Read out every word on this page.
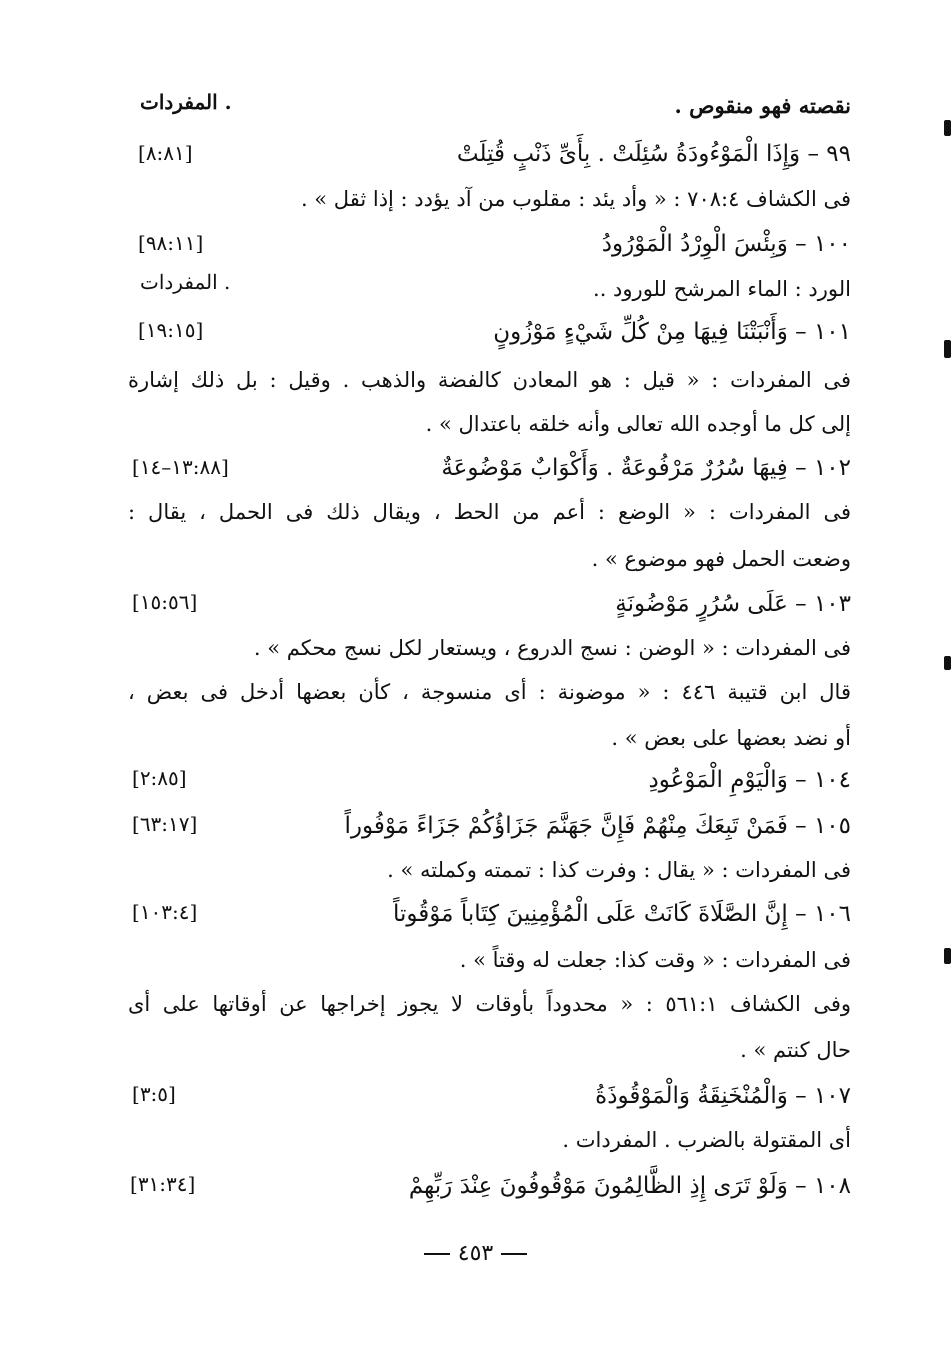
نقصته فهو منقوص .
المفردات .
٩٩ – وَإِذَا الْمَوْءُودَةُ سُئِلَتْ . بِأَىِّ ذَنْبٍ قُتِلَتْ
[٨:٨١]
فى الكشاف ٧٠٨:٤ : « وأد يئد : مقلوب من آد يؤدد : إذا ثقل » .
١٠٠ – وَبِئْسَ الْوِرْدُ الْمَوْرُودُ
[٩٨:١١]
الورد : الماء المرشح للورود ..
المفردات .
١٠١ – وَأَنْبَتْنَا فِيهَا مِنْ كُلِّ شَيْءٍ مَوْزُونٍ
[١٩:١٥]
فى المفردات : « قيل : هو المعادن كالفضة والذهب . وقيل : بل ذلك إشارة
إلى كل ما أوجده الله تعالى وأنه خلقه باعتدال » .
١٠٢ – فِيهَا سُرُرٌ مَرْفُوعَةٌ . وَأَكْوَابٌ مَوْضُوعَةٌ
[١٣:٨٨–١٤]
فى المفردات : « الوضع : أعم من الحط ، ويقال ذلك فى الحمل ، يقال :
وضعت الحمل فهو موضوع » .
١٠٣ – عَلَى سُرُرٍ مَوْضُونَةٍ
[١٥:٥٦]
فى المفردات : « الوضن : نسج الدروع ، ويستعار لكل نسج محكم » .
قال ابن قتيبة ٤٤٦ : « موضونة : أى منسوجة ، كأن بعضها أدخل فى بعض ،
أو نضد بعضها على بعض » .
١٠٤ – وَالْيَوْمِ الْمَوْعُودِ
[٢:٨٥]
١٠٥ – فَمَنْ تَبِعَكَ مِنْهُمْ فَإِنَّ جَهَنَّمَ جَزَاؤُكُمْ جَزَاءً مَوْفُوراً
[٦٣:١٧]
فى المفردات : « يقال : وفرت كذا : تممته وكملته » .
١٠٦ – إِنَّ الصَّلَاةَ كَانَتْ عَلَى الْمُؤْمِنِينَ كِتَاباً مَوْقُوتاً
[١٠٣:٤]
فى المفردات : « وقت كذا: جعلت له وقتاً » .
وفى الكشاف ٥٦١:١ : « محدوداً بأوقات لا يجوز إخراجها عن أوقاتها على أى
حال كنتم » .
١٠٧ – وَالْمُنْخَنِقَةُ وَالْمَوْقُوذَةُ
[٣:٥]
أى المقتولة بالضرب . المفردات .
١٠٨ – وَلَوْ تَرَى إِذِ الظَّالِمُونَ مَوْقُوفُونَ عِنْدَ رَبِّهِمْ
[٣١:٣٤]
٤٥٣
